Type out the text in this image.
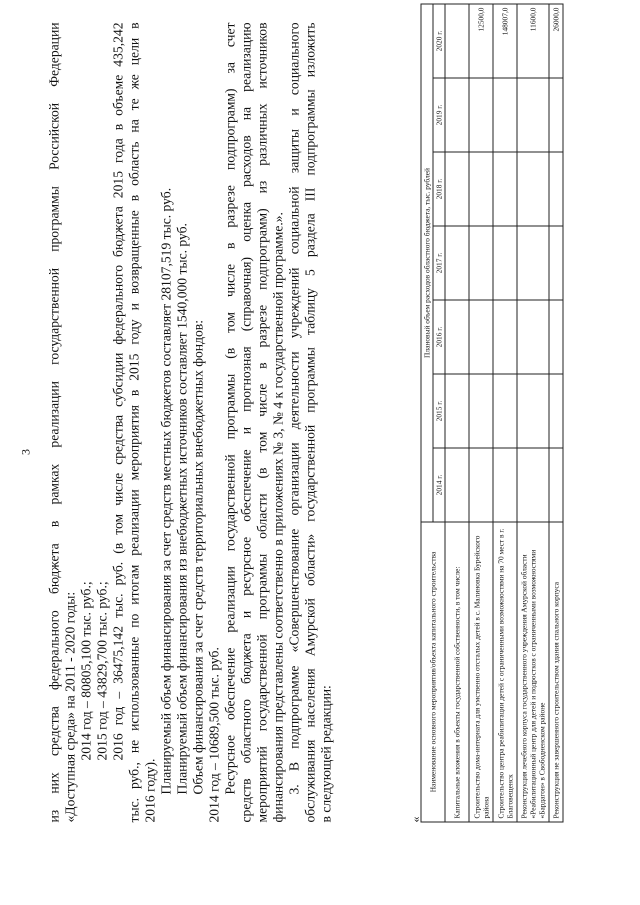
3 из них средства федерального бюджета в рамках реализации государственной программы Российской Федерации «Доступная среда» на 2011 - 2020 годы: 2014 год – 80805,100 тыс. руб.; 2015 год – 43829,700 тыс. руб.; 2016 год – 36475,142 тыс. руб. (в том числе средства субсидии федерального бюджета 2015 года в объеме 435,242 тыс. руб., не использованные по итогам реализации мероприятия в 2015 году и возвращенные в область на те же цели в 2016 году). Планируемый объем финансирования за счет средств местных бюджетов составляет 28107,519 тыс. руб. Планируемый объем финансирования из внебюджетных источников составляет 1540,000 тыс. руб. Объем финансирования за счет средств территориальных внебюджетных фондов: 2014 год – 10689,500 тыс. руб. Ресурсное обеспечение реализации государственной программы (в том числе в разрезе подпрограмм) за счет средств областного бюджета и ресурсное обеспечение и прогнозная (справочная) оценка расходов на реализацию мероприятий государственной программы области (в том числе в разрезе подпрограмм) из различных источников финансирования представлены соответственно в приложениях № 3, № 4 к государственной программе.». 3. В подпрограмме «Совершенствование организации деятельности учреждений социальной защиты и социального обслуживания населения Амурской области» государственной программы таблицу 5 раздела III подпрограммы изложить в следующей редакции:	«
Наименование основного мероприятия/объекта капитального строительства	Плановый объем расходов областного бюджета, тыс. рублей						
	2014 г.	2015 г.	2016 г.	2017 г.	2018 г.	2019 г.	2020 г.
Капитальные вложения в объекты государственной собственности, в том числе:							
Строительство дома-интерната для умственно отсталых детей в с. Малиновка Бурейского района							12500,0
Строительство центра реабилитации детей с ограниченными возможностями на 70 мест в г. Благовещенск							148007,0
Реконструкция лечебного корпуса государственного учреждения Амурской области «Реабилитационный центр для детей и подростков с ограниченными возможностями «Бардагон» в Свободненском районе							11600,0
Реконструкция не завершенного строительством здания спального корпуса							26000,0
